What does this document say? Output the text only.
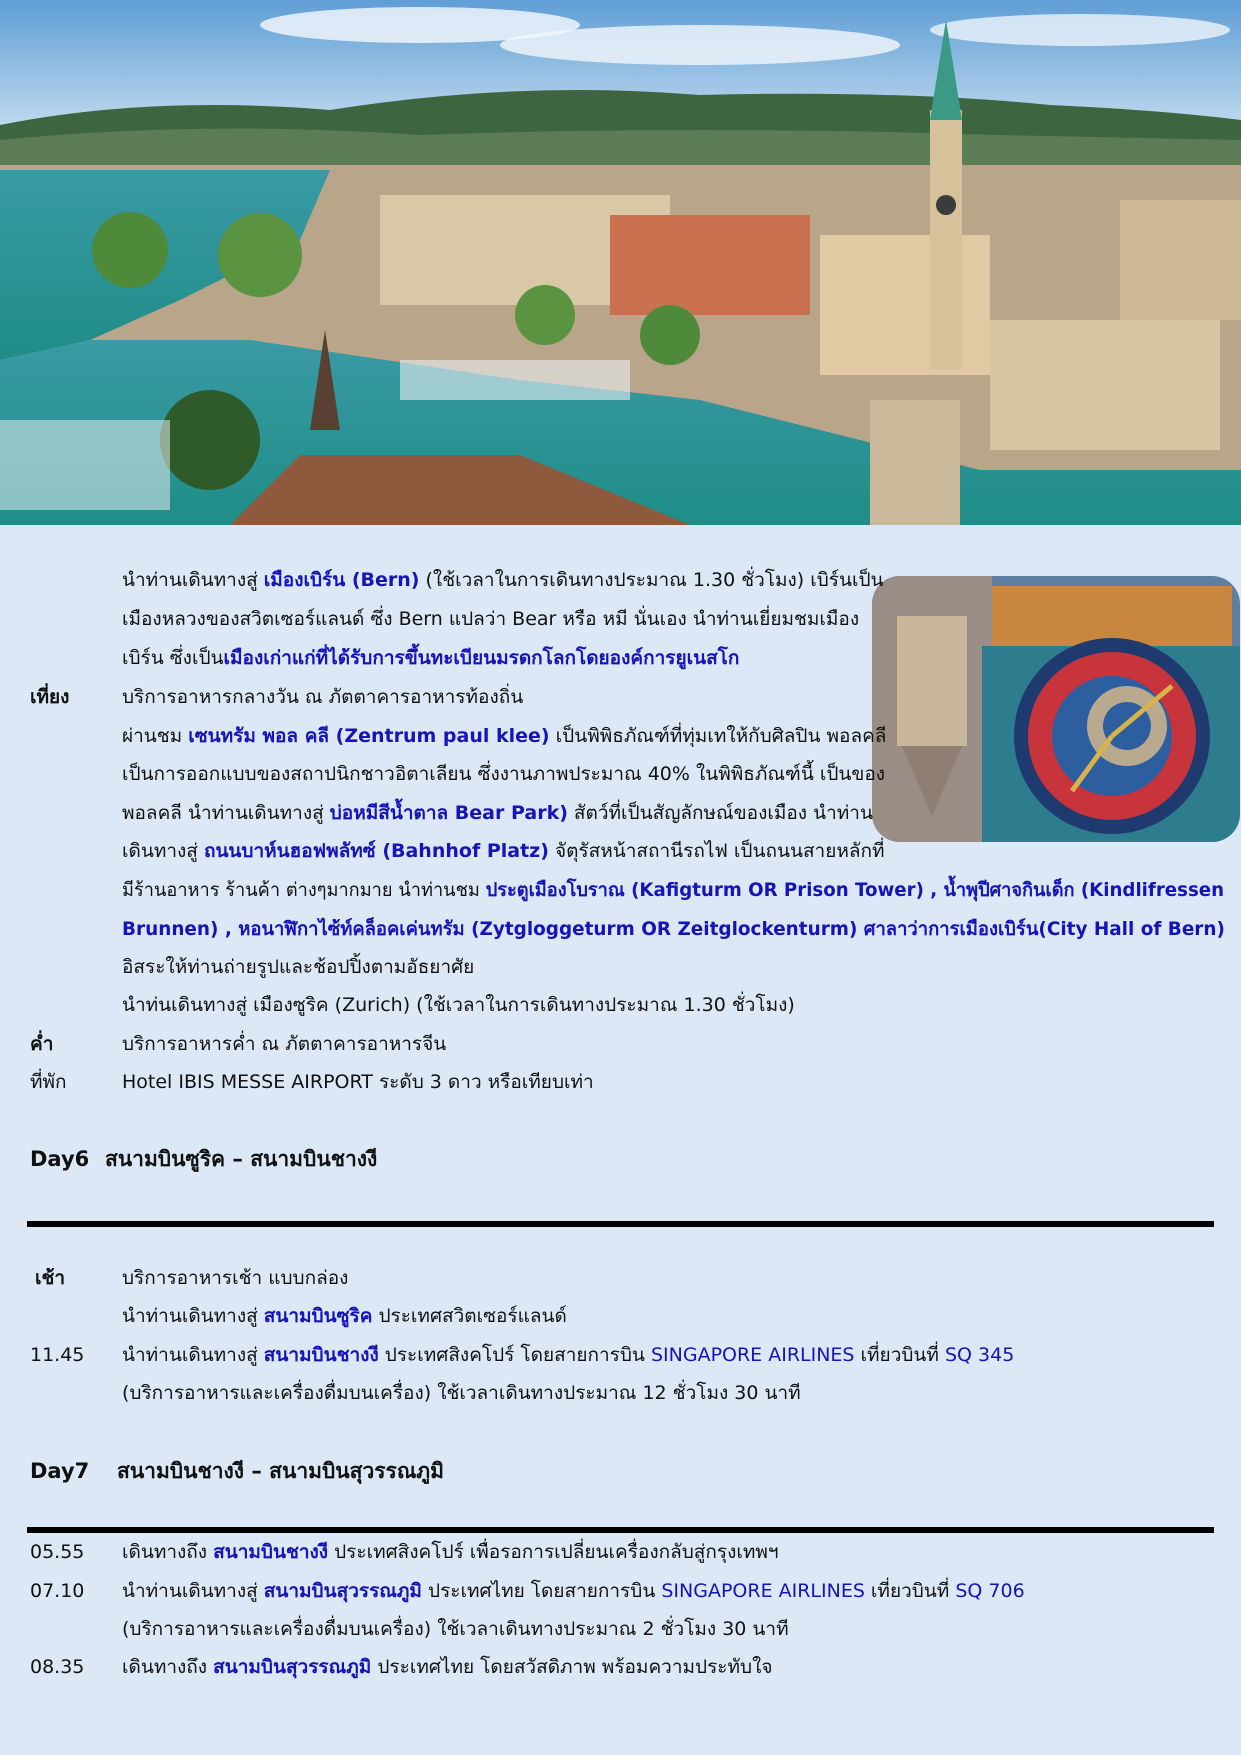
นำท่านเดินทางสู่ เมืองเบิร์น (Bern) (ใช้เวลาในการเดินทางประมาณ 1.30 ชั่วโมง) เบิร์นเป็น
เมืองหลวงของสวิตเซอร์แลนด์ ซึ่ง Bern แปลว่า Bear หรือ หมี นั่นเอง นำท่านเยี่ยมชมเมือง
เบิร์น ซึ่งเป็นเมืองเก่าแก่ที่ได้รับการขึ้นทะเบียนมรดกโลกโดยองค์การยูเนสโก
เที่ยง	บริการอาหารกลางวัน ณ ภัตตาคารอาหารท้องถิ่น
ผ่านชม เซนทรัม พอล คลี (Zentrum paul klee) เป็นพิพิธภัณฑ์ที่ทุ่มเทให้กับศิลปิน พอลคลี
เป็นการออกแบบของสถาปนิกชาวอิตาเลียน ซึ่งงานภาพประมาณ 40% ในพิพิธภัณฑ์นี้ เป็นของ
พอลคลี นำท่านเดินทางสู่ บ่อหมีสีน้ำตาล Bear Park) สัตว์ที่เป็นสัญลักษณ์ของเมือง นำท่าน
เดินทางสู่ ถนนบาห์นฮอฟพลัทซ์ (Bahnhof Platz) จัตุรัสหน้าสถานีรถไฟ เป็นถนนสายหลักที่
มีร้านอาหาร ร้านค้า ต่างๆมากมาย นำท่านชม ประตูเมืองโบราณ (Kafigturm OR Prison Tower) , น้ำพุปีศาจกินเด็ก (Kindlifressen
Brunnen) , หอนาฬิกาไซ้ท์คล็อคเค่นทรัม (Zytgloggeturm OR Zeitglockenturm) ศาลาว่าการเมืองเบิร์น(City Hall of Bern)
อิสระให้ท่านถ่ายรูปและช้อปปิ้งตามอัธยาศัย
นำท่นเดินทางสู่ เมืองซูริค (Zurich) (ใช้เวลาในการเดินทางประมาณ 1.30 ชั่วโมง)
ค่ำ	บริการอาหารค่ำ ณ ภัตตาคารอาหารจีน
ที่พัก	Hotel IBIS MESSE AIRPORT ระดับ 3 ดาว หรือเทียบเท่า
Day6 สนามบินซูริค – สนามบินชางงี
เช้า	บริการอาหารเช้า แบบกล่อง
นำท่านเดินทางสู่ สนามบินซูริค ประเทศสวิตเซอร์แลนด์
11.45 นำท่านเดินทางสู่ สนามบินชางงี ประเทศสิงคโปร์ โดยสายการบิน SINGAPORE AIRLINES เที่ยวบินที่ SQ 345
(บริการอาหารและเครื่องดื่มบนเครื่อง) ใช้เวลาเดินทางประมาณ 12 ชั่วโมง 30 นาที
Day7 สนามบินชางงี – สนามบินสุวรรณภูมิ
05.55 เดินทางถึง สนามบินชางงี ประเทศสิงคโปร์ เพื่อรอการเปลี่ยนเครื่องกลับสู่กรุงเทพฯ
07.10 นำท่านเดินทางสู่ สนามบินสุวรรณภูมิ ประเทศไทย โดยสายการบิน SINGAPORE AIRLINES เที่ยวบินที่ SQ 706
(บริการอาหารและเครื่องดื่มบนเครื่อง) ใช้เวลาเดินทางประมาณ 2 ชั่วโมง 30 นาที
08.35 เดินทางถึง สนามบินสุวรรณภูมิ ประเทศไทย โดยสวัสดิภาพ พร้อมความประทับใจ
